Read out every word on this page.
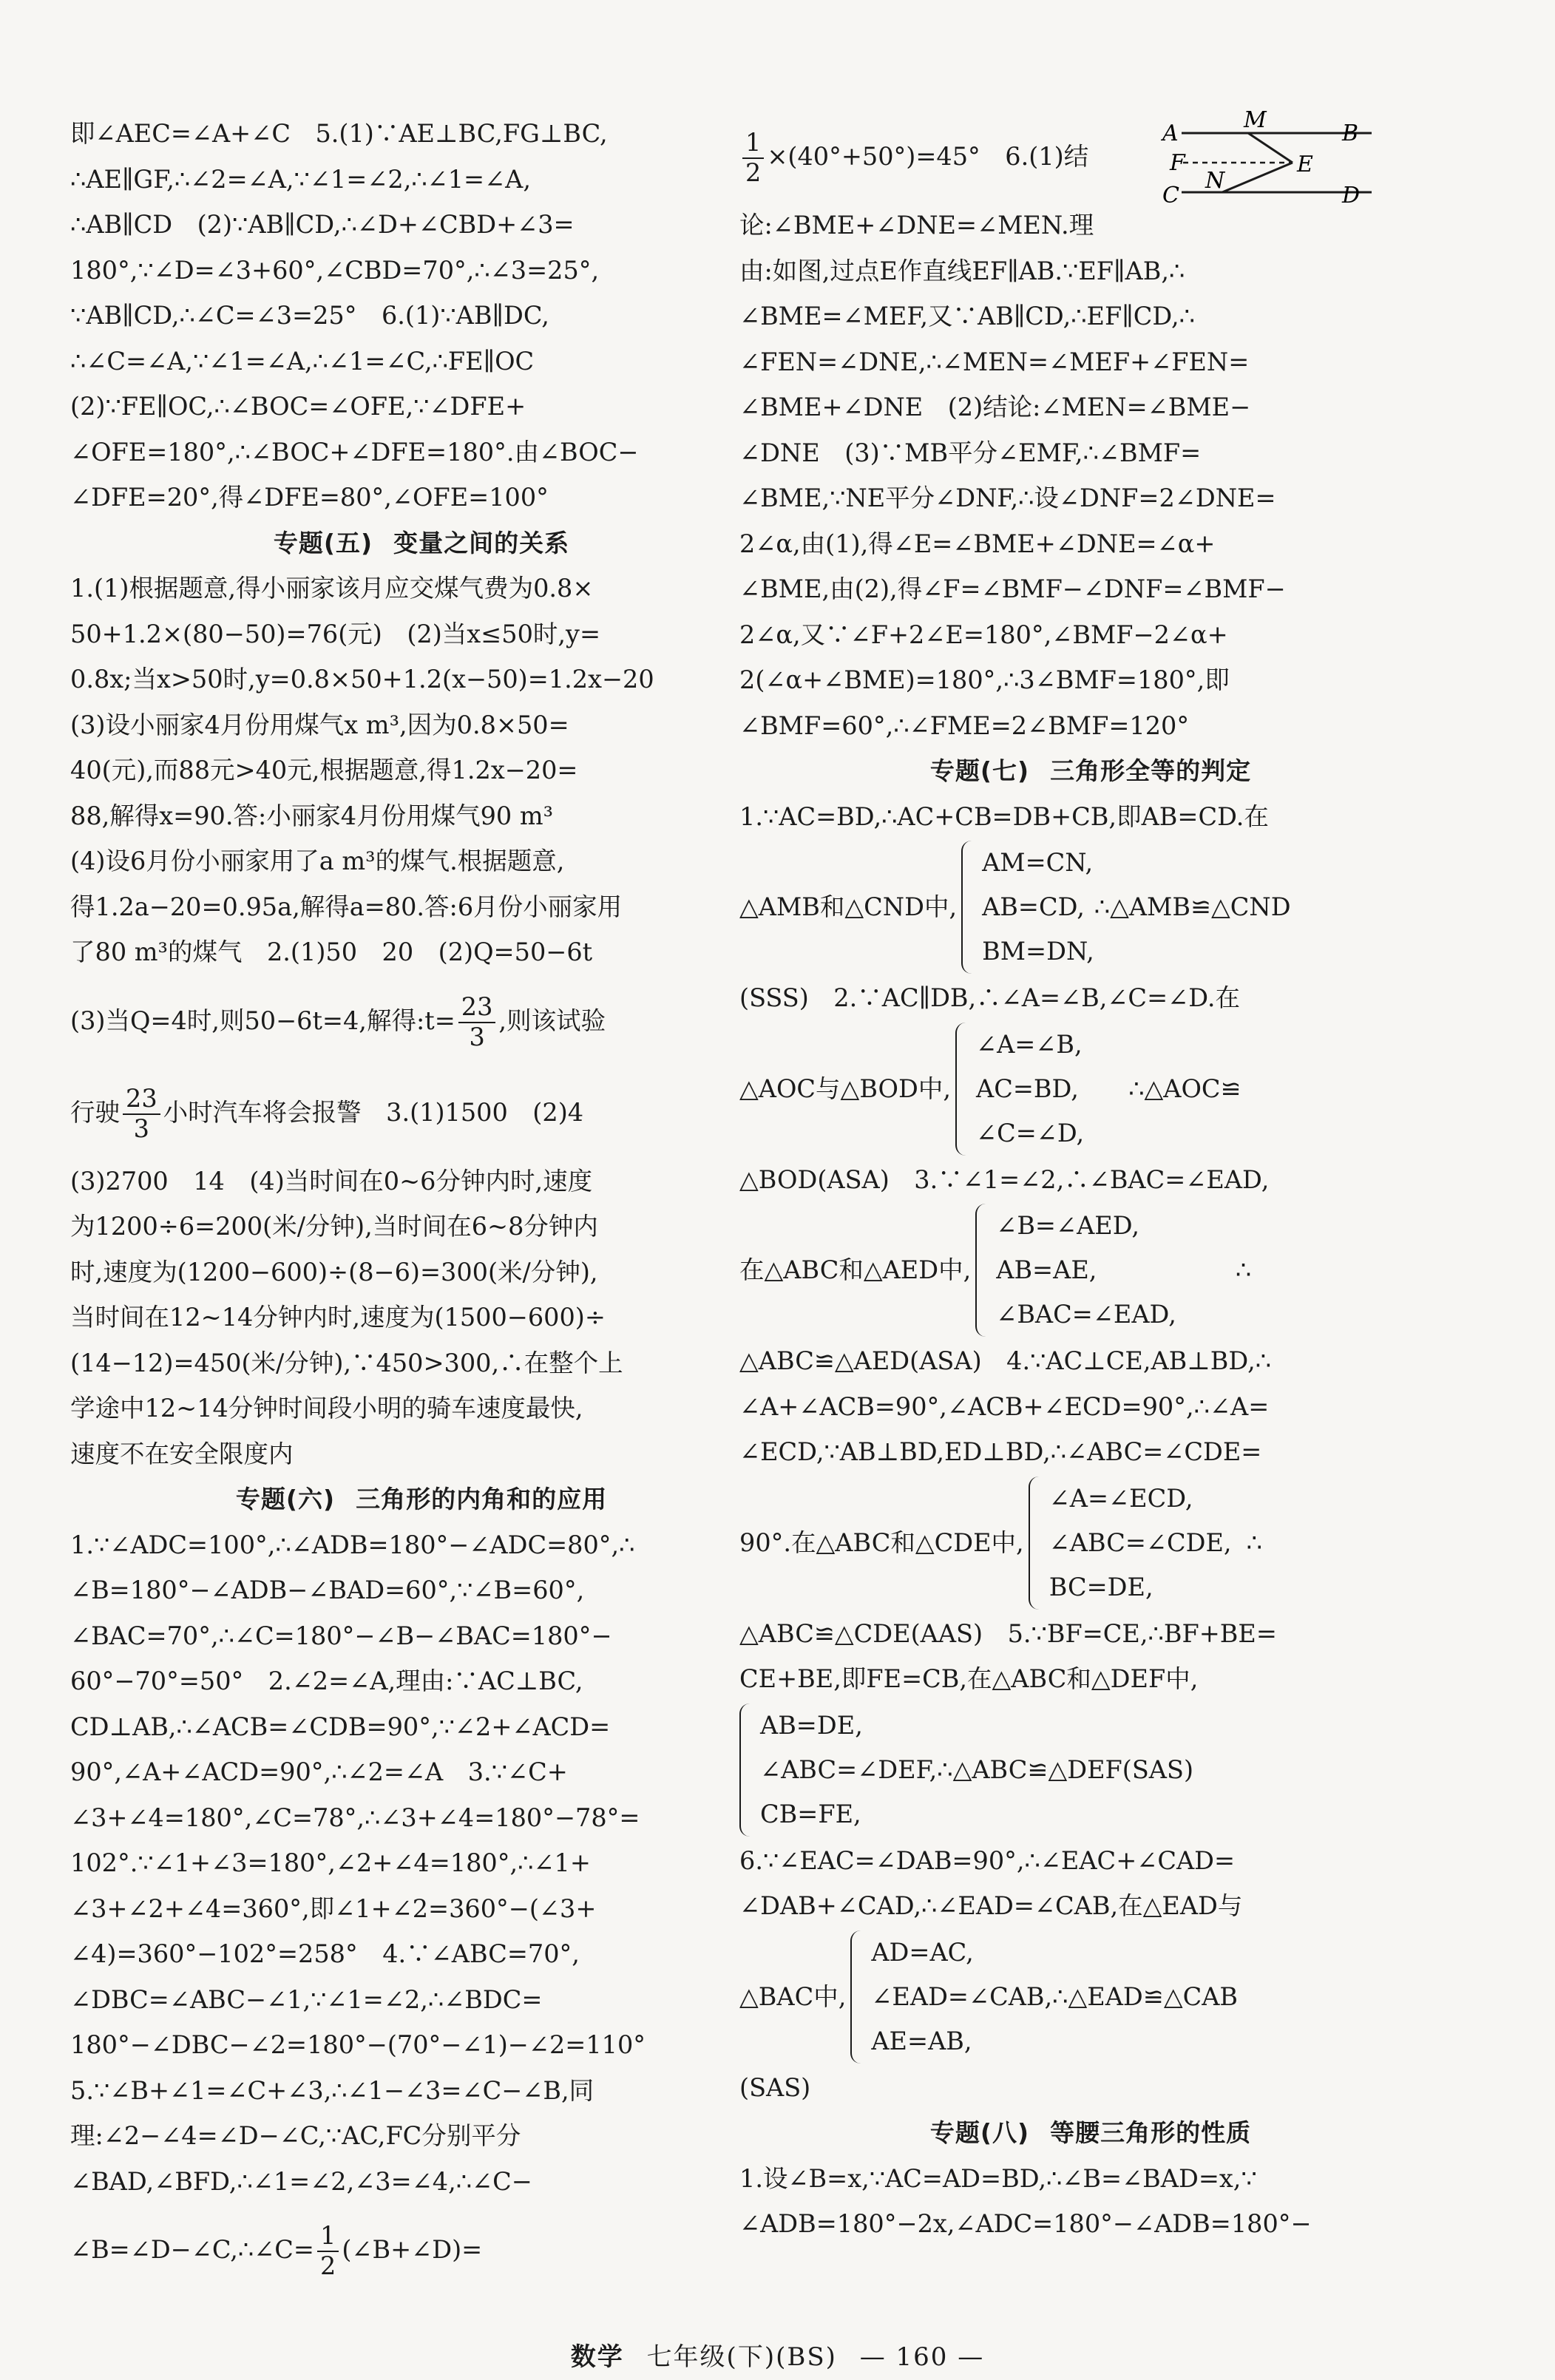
即∠AEC=∠A+∠C　5.(1)∵AE⊥BC,FG⊥BC,
∴AE∥GF,∴∠2=∠A,∵∠1=∠2,∴∠1=∠A,
∴AB∥CD　(2)∵AB∥CD,∴∠D+∠CBD+∠3=
180°,∵∠D=∠3+60°,∠CBD=70°,∴∠3=25°,
∵AB∥CD,∴∠C=∠3=25°　6.(1)∵AB∥DC,
∴∠C=∠A,∵∠1=∠A,∴∠1=∠C,∴FE∥OC
(2)∵FE∥OC,∴∠BOC=∠OFE,∵∠DFE+
∠OFE=180°,∴∠BOC+∠DFE=180°.由∠BOC−
∠DFE=20°,得∠DFE=80°,∠OFE=100°
专题(五) 变量之间的关系
1.(1)根据题意,得小丽家该月应交煤气费为0.8×
50+1.2×(80−50)=76(元)　(2)当x≤50时,y=
0.8x;当x>50时,y=0.8×50+1.2(x−50)=1.2x−20
(3)设小丽家4月份用煤气x m³,因为0.8×50=
40(元),而88元>40元,根据题意,得1.2x−20=
88,解得x=90.答:小丽家4月份用煤气90 m³
(4)设6月份小丽家用了a m³的煤气.根据题意,
得1.2a−20=0.95a,解得a=80.答:6月份小丽家用
了80 m³的煤气　2.(1)50　20　(2)Q=50−6t
(3)当Q=4时,则50−6t=4,解得:t= $\frac{23}{3}$ ,则该试验
行驶 $\frac{23}{3}$ 小时汽车将会报警　3.(1)1500　(2)4
(3)2700　14　(4)当时间在0~6分钟内时,速度
为1200÷6=200(米/分钟),当时间在6~8分钟内
时,速度为(1200−600)÷(8−6)=300(米/分钟),
当时间在12~14分钟内时,速度为(1500−600)÷
(14−12)=450(米/分钟),∵450>300,∴在整个上
学途中12~14分钟时间段小明的骑车速度最快,
速度不在安全限度内
专题(六) 三角形的内角和的应用
1.∵∠ADC=100°,∴∠ADB=180°−∠ADC=80°,∴
∠B=180°−∠ADB−∠BAD=60°,∵∠B=60°,
∠BAC=70°,∴∠C=180°−∠B−∠BAC=180°−
60°−70°=50°　2.∠2=∠A,理由:∵AC⊥BC,
CD⊥AB,∴∠ACB=∠CDB=90°,∵∠2+∠ACD=
90°,∠A+∠ACD=90°,∴∠2=∠A　3.∵∠C+
∠3+∠4=180°,∠C=78°,∴∠3+∠4=180°−78°=
102°.∵∠1+∠3=180°,∠2+∠4=180°,∴∠1+
∠3+∠2+∠4=360°,即∠1+∠2=360°−(∠3+
∠4)=360°−102°=258°　4.∵∠ABC=70°,
∠DBC=∠ABC−∠1,∵∠1=∠2,∴∠BDC=
180°−∠DBC−∠2=180°−(70°−∠1)−∠2=110°
5.∵∠B+∠1=∠C+∠3,∴∠1−∠3=∠C−∠B,同
理:∠2−∠4=∠D−∠C,∵AC,FC分别平分
∠BAD,∠BFD,∴∠1=∠2,∠3=∠4,∴∠C−
∠B=∠D−∠C,∴∠C= $\frac{1}{2}$ (∠B+∠D)=
$\frac{1}{2} \times(40^\circ+50^\circ)=45^\circ$　6.(1)结
论:∠BME+∠DNE=∠MEN.理
由:如图,过点E作直线EF∥AB.∵EF∥AB,∴
∠BME=∠MEF,又∵AB∥CD,∴EF∥CD,∴
∠FEN=∠DNE,∴∠MEN=∠MEF+∠FEN=
∠BME+∠DNE　(2)结论:∠MEN=∠BME−
∠DNE　(3)∵MB平分∠EMF,∴∠BMF=
∠BME,∵NE平分∠DNF,∴设∠DNF=2∠DNE=
2∠α,由(1),得∠E=∠BME+∠DNE=∠α+
∠BME,由(2),得∠F=∠BMF−∠DNF=∠BMF−
2∠α,又∵∠F+2∠E=180°,∠BMF−2∠α+
2(∠α+∠BME)=180°,∴3∠BMF=180°,即
∠BMF=60°,∴∠FME=2∠BMF=120°
专题(七) 三角形全等的判定
1.∵AC=BD,∴AC+CB=DB+CB,即AB=CD.在
△AMB和△CND中,
AM=CN,
AB=CD,
BM=DN,
∴△AMB≌△CND
(SSS)　2.∵AC∥DB,∴∠A=∠B,∠C=∠D.在
△AOC与△BOD中,
∠A=∠B,
AC=BD,
∠C=∠D,
∴△AOC≌
△BOD(ASA)　3.∵∠1=∠2,∴∠BAC=∠EAD,
在△ABC和△AED中,
∠B=∠AED,
AB=AE,
∠BAC=∠EAD,
∴
△ABC≌△AED(ASA)　4.∵AC⊥CE,AB⊥BD,∴
∠A+∠ACB=90°,∠ACB+∠ECD=90°,∴∠A=
∠ECD,∵AB⊥BD,ED⊥BD,∴∠ABC=∠CDE=
90°.在△ABC和△CDE中,
∠A=∠ECD,
∠ABC=∠CDE,
BC=DE,
∴
△ABC≌△CDE(AAS)　5.∵BF=CE,∴BF+BE=
CE+BE,即FE=CB,在△ABC和△DEF中,
AB=DE,
∠ABC=∠DEF,∴△ABC≌△DEF(SAS)
CB=FE,
6.∵∠EAC=∠DAB=90°,∴∠EAC+∠CAD=
∠DAB+∠CAD,∴∠EAD=∠CAB,在△EAD与
△BAC中,
AD=AC,
∠EAD=∠CAB,
AE=AB,
∴△EAD≌△CAB
(SAS)
专题(八) 等腰三角形的性质
1.设∠B=x,∵AC=AD=BD,∴∠B=∠BAD=x,∵
∠ADB=180°−2x,∠ADC=180°−∠ADB=180°−
A
M
B
F	E
C
N
D
数学 七年级(下)(BS) — 160 —
